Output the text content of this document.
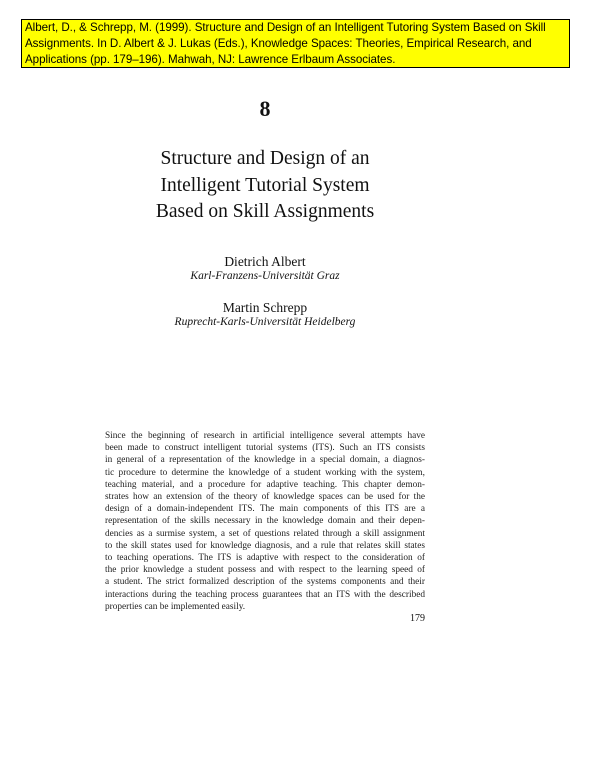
Albert, D., & Schrepp, M. (1999). Structure and Design of an Intelligent Tutoring System Based on Skill
Assignments. In D. Albert & J. Lukas (Eds.), Knowledge Spaces: Theories, Empirical Research, and
Applications (pp. 179–196). Mahwah, NJ: Lawrence Erlbaum Associates.
8
Structure and Design of an
Intelligent Tutorial System
Based on Skill Assignments
Dietrich Albert
Karl-Franzens-Universität Graz
Martin Schrepp
Ruprecht-Karls-Universität Heidelberg
Since the beginning of research in artificial intelligence several attempts have
been made to construct intelligent tutorial systems (ITS). Such an ITS consists
in general of a representation of the knowledge in a special domain, a diagnos-
tic procedure to determine the knowledge of a student working with the system,
teaching material, and a procedure for adaptive teaching. This chapter demon-
strates how an extension of the theory of knowledge spaces can be used for the
design of a domain-independent ITS. The main components of this ITS are a
representation of the skills necessary in the knowledge domain and their depen-
dencies as a surmise system, a set of questions related through a skill assignment
to the skill states used for knowledge diagnosis, and a rule that relates skill states
to teaching operations. The ITS is adaptive with respect to the consideration of
the prior knowledge a student possess and with respect to the learning speed of
a student. The strict formalized description of the systems components and their
interactions during the teaching process guarantees that an ITS with the described
properties can be implemented easily.
179
